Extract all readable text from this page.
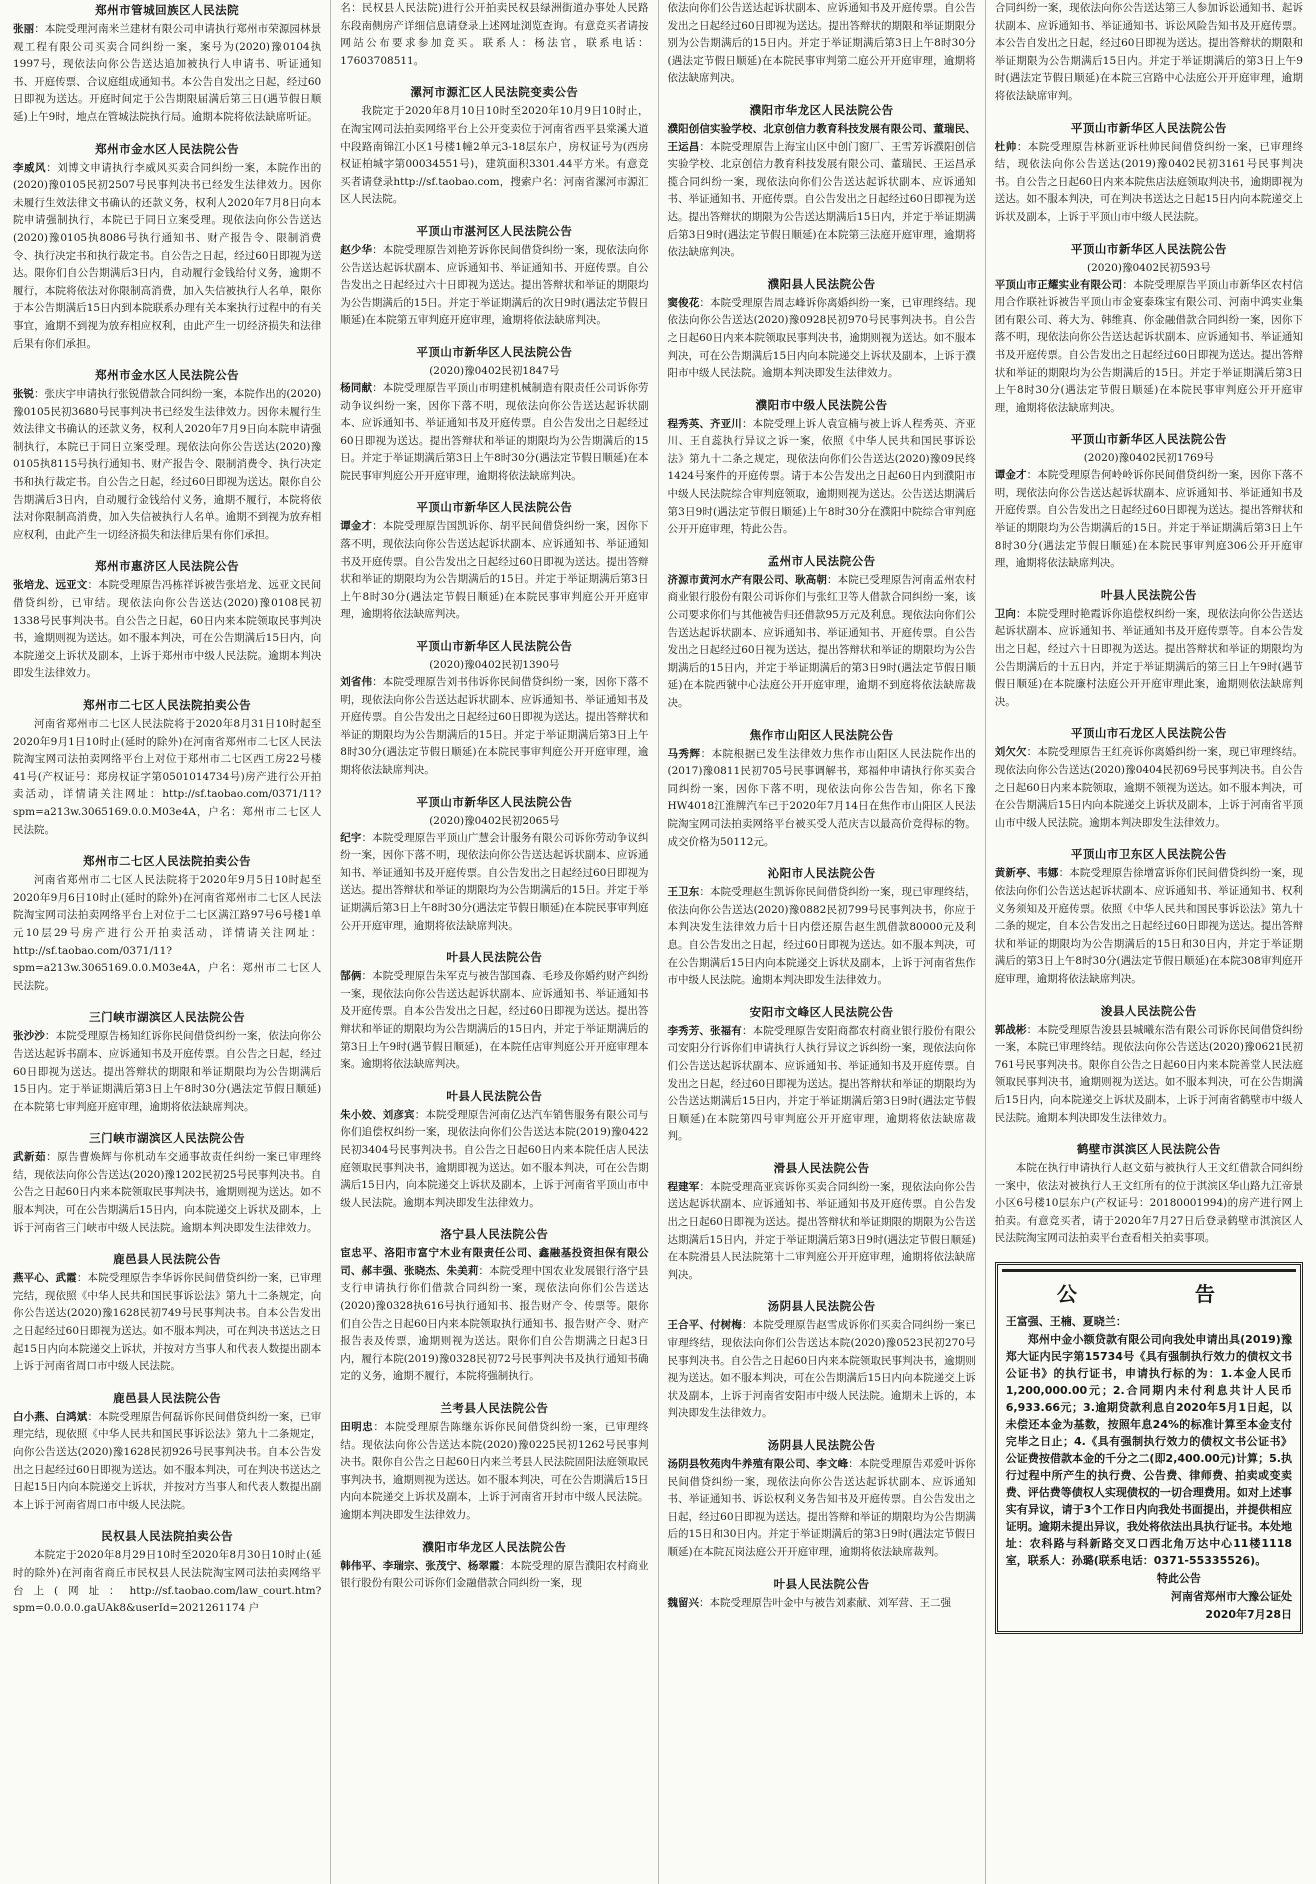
郑州市管城回族区人民法院

张丽：本院受理河南米兰建材有限公司申请执行郑州市荣源园林景观工程有限公司买卖合同纠纷一案，案号为(2020)豫0104执1997号，现依法向你公告送达追加被执行人申请书、听证通知书、开庭传票、合议庭组成通知书。本公告自发出之日起，经过60日即视为送达。开庭时间定于公告期限届满后第三日(遇节假日顺延)上午9时，地点在管城法院执行局。逾期本院将依法缺席听证。

郑州市金水区人民法院公告

李威风：刘博文申请执行李威风买卖合同纠纷一案，本院作出的(2020)豫0105民初2507号民事判决书已经发生法律效力。因你未履行生效法律文书确认的还款义务，权利人2020年7月8日向本院申请强制执行，本院已于同日立案受理。现依法向你公告送达(2020)豫0105执8086号执行通知书、财产报告令、限制消费令、执行决定书和执行裁定书。自公告之日起，经过60日即视为送达。限你们自公告期满后3日内，自动履行金钱给付义务，逾期不履行，本院将依法对你限制高消费，加入失信被执行人名单，限你于本公告期满后15日内到本院联系办理有关本案执行过程中的有关事宜，逾期不到视为放弃相应权利，由此产生一切经济损失和法律后果有你们承担。

郑州市金水区人民法院公告

张锐：张庆宇申请执行张锐借款合同纠纷一案，本院作出的(2020)豫0105民初3680号民事判决书已经发生法律效力。因你未履行生效法律文书确认的还款义务，权利人2020年7月9日向本院申请强制执行，本院已于同日立案受理。现依法向你公告送达(2020)豫0105执8115号执行通知书、财产报告令、限制消费令、执行决定书和执行裁定书。自公告之日起，经过60日即视为送达。限你自公告期满后3日内，自动履行金钱给付义务，逾期不履行，本院将依法对你限制高消费，加入失信被执行人名单。逾期不到视为放弃相应权利，由此产生一切经济损失和法律后果有你们承担。

郑州市惠济区人民法院公告

张培龙、远亚文：本院受理原告冯栋祥诉被告张培龙、远亚文民间借贷纠纷，已审结。现依法向你公告送达(2020)豫0108民初1338号民事判决书。自公告之日起，60日内来本院领取民事判决书，逾期则视为送达。如不服本判决，可在公告期满后15日内，向本院递交上诉状及副本，上诉于郑州市中级人民法院。逾期本判决即发生法律效力。

郑州市二七区人民法院拍卖公告

河南省郑州市二七区人民法院将于2020年8月31日10时起至2020年9月1日10时止(延时的除外)在河南省郑州市二七区人民法院淘宝网司法拍卖网络平台上对位于郑州市二七区西工房22号楼41号(产权证号：郑房权证字第0501014734号)房产进行公开拍卖活动，详情请关注网址：http://sf.taobao.com/0371/11?spm=a213w.3065169.0.0.M03e4A，户名：郑州市二七区人民法院。

郑州市二七区人民法院拍卖公告

河南省郑州市二七区人民法院将于2020年9月5日10时起至2020年9月6日10时止(延时的除外)在河南省郑州市二七区人民法院淘宝网司法拍卖网络平台上对位于二七区满江路97号6号楼1单元10层29号房产进行公开拍卖活动，详情请关注网址：http://sf.taobao.com/0371/11?spm=a213w.3065169.0.0.M03e4A，户名：郑州市二七区人民法院。

三门峡市湖滨区人民法院公告

张沙沙：本院受理原告杨知红诉你民间借贷纠纷一案，依法向你公告送达起诉书副本、应诉通知书及开庭传票。自公告之日起，经过60日即视为送达。提出答辩状的期限和举证期限均为公告期满后15日内。定于举证期满后第3日上午8时30分(遇法定节假日顺延)在本院第七审判庭开庭审理，逾期将依法缺席判决。

三门峡市湖滨区人民法院公告

武新茹：原告曹焕辉与你机动车交通事故责任纠纷一案已审理终结，现依法向你公告送达(2020)豫1202民初25号民事判决书。自公告之日起60日内来本院领取民事判决书，逾期则视为送达。如不服本判决，可在公告期满后15日内，向本院递交上诉状及副本，上诉于河南省三门峡市中级人民法院。逾期本判决即发生法律效力。

鹿邑县人民法院公告

燕平心、武霞：本院受理原告李华诉你民间借贷纠纷一案，已审理完结，现依照《中华人民共和国民事诉讼法》第九十二条规定，向你公告送达(2020)豫1628民初749号民事判决书。自本公告发出之日起经过60日即视为送达。如不服本判决，可在判决书送达之日起15日内向本院递交上诉状，并按对方当事人和代表人数提出副本上诉于河南省周口市中级人民法院。

鹿邑县人民法院公告

白小燕、白鸿斌：本院受理原告何磊诉你民间借贷纠纷一案，已审理完结，现依照《中华人民共和国民事诉讼法》第九十二条规定，向你公告送达(2020)豫1628民初926号民事判决书。自本公告发出之日起经过60日即视为送达。如不服本判决，可在判决书送达之日起15日内向本院递交上诉状，并按对方当事人和代表人数提出副本上诉于河南省周口市中级人民法院。

民权县人民法院拍卖公告

本院定于2020年8月29日10时至2020年8月30日10时止(延时的除外)在河南省商丘市民权县人民法院淘宝网司法拍卖网络平台上(网址：http://sf.taobao.com/law_court.htm?spm=0.0.0.0.gaUAk8&userId=2021261174 户

名：民权县人民法院)进行公开拍卖民权县绿洲街道办事处人民路东段南侧房产详细信息请登录上述网址浏览查询。有意竞买者请按网站公布要求参加竞买。联系人：杨法官，联系电话：17603708511。

漯河市源汇区人民法院变卖公告

我院定于2020年8月10日10时至2020年10月9日10时止，在淘宝网司法拍卖网络平台上公开变卖位于河南省西平县棠溪大道中段路南锦江小区1号楼1幢2单元3-18层东户，房权证号为(西房权证柏城字第00034551号)，建筑面积3301.44平方米。有意竞买者请登录http://sf.taobao.com，搜索户名：河南省漯河市源汇区人民法院。

平顶山市湛河区人民法院公告

赵少华：本院受理原告刘艳芳诉你民间借贷纠纷一案，现依法向你公告送达起诉状副本、应诉通知书、举证通知书、开庭传票。自公告发出之日起经过六十日即视为送达。提出答辩状和举证的期限均为公告期满后的15日。并定于举证期满后的次日9时(遇法定节假日顺延)在本院第五审判庭开庭审理，逾期将依法缺席判决。

平顶山市新华区人民法院公告
(2020)豫0402民初1847号

杨同献：本院受理原告平顶山市明建机械制造有限责任公司诉你劳动争议纠纷一案，因你下落不明，现依法向你公告送达起诉状副本、应诉通知书、举证通知书及开庭传票。自公告发出之日起经过60日即视为送达。提出答辩状和举证的期限均为公告期满后的15日。并定于举证期满后第3日上午8时30分(遇法定节假日顺延)在本院民事审判庭公开开庭审理，逾期将依法缺席判决。

平顶山市新华区人民法院公告

谭金才：本院受理原告国凯诉你、胡平民间借贷纠纷一案，因你下落不明，现依法向你公告送达起诉状副本、应诉通知书、举证通知书及开庭传票。自公告发出之日起经过60日即视为送达。提出答辩状和举证的期限均为公告期满后的15日。并定于举证期满后第3日上午8时30分(遇法定节假日顺延)在本院民事审判庭公开开庭审理，逾期将依法缺席判决。

平顶山市新华区人民法院公告
(2020)豫0402民初1390号

刘省伟：本院受理原告刘书伟诉你民间借贷纠纷一案，因你下落不明，现依法向你公告送达起诉状副本、应诉通知书、举证通知书及开庭传票。自公告发出之日起经过60日即视为送达。提出答辩状和举证的期限均为公告期满后的15日。并定于举证期满后第3日上午8时30分(遇法定节假日顺延)在本院民事审判庭公开开庭审理，逾期将依法缺席判决。

平顶山市新华区人民法院公告
(2020)豫0402民初2065号

纪宇：本院受理原告平顶山广慧会计服务有限公司诉你劳动争议纠纷一案，因你下落不明，现依法向你公告送达起诉状副本、应诉通知书、举证通知书及开庭传票。自公告发出之日起经过60日即视为送达。提出答辩状和举证的期限均为公告期满后的15日。并定于举证期满后第3日上午8时30分(遇法定节假日顺延)在本院民事审判庭公开开庭审理，逾期将依法缺席判决。

叶县人民法院公告

郜俩：本院受理原告朱军克与被告郜国森、毛珍及你婚约财产纠纷一案，现依法向你公告送达起诉状副本、应诉通知书、举证通知书及开庭传票。自本公告发出之日起，经过60日即视为送达。提出答辩状和举证的期限均为公告期满后的15日内，并定于举证期满后的第3日上午9时(遇节假日顺延)，在本院任店审判庭公开开庭审理本案。逾期将依法缺席判决。

叶县人民法院公告

朱小姣、刘彦宾：本院受理原告河南亿达汽车销售服务有限公司与你们追偿权纠纷一案，现依法向你们公告送达本院(2019)豫0422民初3404号民事判决书。自公告之日起60日内来本院任店人民法庭领取民事判决书，逾期即视为送达。如不服本判决，可在公告期满后15日内，向本院递交上诉状及副本，上诉于河南省平顶山市中级人民法院。逾期本判决即发生法律效力。

洛宁县人民法院公告

宦忠平、洛阳市富宁木业有限责任公司、鑫融基投资担保有限公司、郝丰强、张晓杰、朱美莉：本院受理中国农业发展银行洛宁县支行申请执行你们借款合同纠纷一案，现依法向你们公告送达(2020)豫0328执616号执行通知书、报告财产令、传票等。限你们自公告之日起60日内来本院领取执行通知书、报告财产令、财产报告表及传票，逾期则视为送达。限你们自公告期满之日起3日内，履行本院(2019)豫0328民初72号民事判决书及执行通知书确定的义务，逾期不履行，本院将强制执行。

兰考县人民法院公告

田明忠：本院受理原告陈继东诉你民间借贷纠纷一案，已审理终结。现依法向你公告送达本院(2020)豫0225民初1262号民事判决书。限你自公告之日起60日内来兰考县人民法院固阳法庭领取民事判决书，逾期则视为送达。如不服本判决，可在公告期满后15日内向本院递交上诉状及副本，上诉于河南省开封市中级人民法院。逾期本判决即发生法律效力。

濮阳市华龙区人民法院公告

韩伟平、李瑞宗、张茂宁、杨翠霞：本院受理的原告濮阳农村商业银行股份有限公司诉你们金融借款合同纠纷一案，现

依法向你们公告送达起诉状副本、应诉通知书及开庭传票。自公告发出之日起经过60日即视为送达。提出答辩状的期限和举证期限分别为公告期满后的15日内。并定于举证期满后第3日上午8时30分(遇法定节假日顺延)在本院民事审判第二庭公开开庭审理，逾期将依法缺席判决。

濮阳市华龙区人民法院公告

濮阳创信实验学校、北京创信力教育科技发展有限公司、董瑞民、王运昌：本院受理原告上海宝山区中创门窗厂、王雪芳诉濮阳创信实验学校、北京创信力教育科技发展有限公司、董瑞民、王运昌承揽合同纠纷一案，现依法向你们公告送达起诉状副本、应诉通知书、举证通知书、开庭传票。自公告发出之日起经过60日即视为送达。提出答辩状的期限为公告送达期满后15日内，并定于举证期满后第3日9时(遇法定节假日顺延)在本院第三法庭开庭审理，逾期将依法缺席判决。

濮阳县人民法院公告

窦俊花：本院受理原告周志峰诉你离婚纠纷一案，已审理终结。现依法向你公告送达(2020)豫0928民初970号民事判决书。自公告之日起60日内来本院领取民事判决书，逾期则视为送达。如不服本判决，可在公告期满后15日内向本院递交上诉状及副本，上诉于濮阳市中级人民法院。逾期本判决即发生法律效力。

濮阳市中级人民法院公告

程秀英、齐亚川：本院受理上诉人袁宣楠与被上诉人程秀英、齐亚川、王自蕊执行异议之诉一案，依照《中华人民共和国民事诉讼法》第九十二条之规定，现依法向你们公告送达(2020)豫09民终1424号案件的开庭传票。请于本公告发出之日起60日内到濮阳市中级人民法院综合审判庭领取，逾期则视为送达。公告送达期满后第3日9时(遇法定节假日顺延)上午8时30分在濮阳中院综合审判庭公开开庭审理，特此公告。

孟州市人民法院公告

济源市黄河水产有限公司、耿高朝：本院已受理原告河南孟州农村商业银行股份有限公司诉你们与张红卫等人借款合同纠纷一案，该公司要求你们与其他被告归还借款95万元及利息。现依法向你们公告送达起诉状副本、应诉通知书、举证通知书、开庭传票。自公告发出之日起经过60日视为送达，提出答辩状和举证的期限均为公告期满后的15日内，并定于举证期满后的第3日9时(遇法定节假日顺延)在本院西虢中心法庭公开开庭审理，逾期不到庭将依法缺席裁决。

焦作市山阳区人民法院公告

马秀辉：本院根据已发生法律效力焦作市山阳区人民法院作出的(2017)豫0811民初705号民事调解书，郑福仲申请执行你买卖合同纠纷一案，因你下落不明，现依法向你公告告知，你名下豫HW4018江淮牌汽车已于2020年7月14日在焦作市山阳区人民法院淘宝网司法拍卖网络平台被买受人范庆吉以最高价竞得标的物。成交价格为50112元。

沁阳市人民法院公告

王卫东：本院受理赵生凯诉你民间借贷纠纷一案，现已审理终结，依法向你公告送达(2020)豫0882民初799号民事判决书，你应于本判决发生法律效力后十日内偿还原告赵生凯借款80000元及利息。自公告发出之日起，经过60日即视为送达。如不服本判决，可在公告期满后15日内向本院递交上诉状及副本，上诉于河南省焦作市中级人民法院。逾期本判决即发生法律效力。

安阳市文峰区人民法院公告

李秀芳、张福有：本院受理原告安阳商都农村商业银行股份有限公司安阳分行诉你们申请执行人执行异议之诉纠纷一案，现依法向你们公告送达起诉状副本、应诉通知书、举证通知书及开庭传票。自发出之日起，经过60日即视为送达。提出答辩状和举证的期限均为公告送达期满后15日内，并定于举证期满后第3日9时(遇法定节假日顺延)在本院第四号审判庭公开开庭审理，逾期将依法缺席裁判。

滑县人民法院公告

程建军：本院受理高亚宾诉你买卖合同纠纷一案，现依法向你公告送达起诉状副本、应诉通知书、举证通知书及开庭传票。自公告发出之日起60日即视为送达。提出答辩状和举证期限的期限为公告送达期满后15日内，并定于举证期满后第3日9时(遇法定节假日顺延)在本院滑县人民法院第十二审判庭公开开庭审理，逾期将依法缺席判决。

汤阴县人民法院公告

王合平、付树梅：本院受理原告赵雪成诉你们买卖合同纠纷一案已审理终结，现依法向你们公告送达本院(2020)豫0523民初270号民事判决书。自公告之日起60日内来本院领取民事判决书，逾期则视为送达。如不服本判决，可在公告期满后15日内向本院递交上诉状及副本，上诉于河南省安阳市中级人民法院。逾期未上诉的，本判决即发生法律效力。

汤阴县人民法院公告

汤阴县牧苑肉牛养殖有限公司、李文峰：本院受理原告邓爱叶诉你民间借贷纠纷一案，现依法向你公告送达起诉状副本、应诉通知书、举证通知书、诉讼权利义务告知书及开庭传票。自公告发出之日起，经过60日即视为送达。提出答辩和举证的期限均为公告期满后的15日和30日内。并定于举证期满后的第3日9时(遇法定节假日顺延)在本院瓦岗法庭公开开庭审理，逾期将依法缺席裁判。

叶县人民法院公告

魏留兴：本院受理原告叶金中与被告刘素献、刘军营、王二强

合同纠纷一案，现依法向你公告送达第三人参加诉讼通知书、起诉状副本、应诉通知书、举证通知书、诉讼风险告知书及开庭传票。本公告自发出之日起，经过60日即视为送达。提出答辩状的期限和举证期限为公告期满后15日内。并定于举证期满后的第3日上午9时(遇法定节假日顺延)在本院三宫路中心法庭公开开庭审理，逾期将依法缺席审判。

平顶山市新华区人民法院公告

杜帅：本院受理原告林新亚诉杜帅民间借贷纠纷一案，已审理终结，现依法向你公告送达(2019)豫0402民初3161号民事判决书。自公告之日起60日内来本院焦店法庭领取判决书，逾期即视为送达。如不服本判决，可在判决书送达之日起15日内向本院递交上诉状及副本，上诉于平顶山市中级人民法院。

平顶山市新华区人民法院公告
(2020)豫0402民初593号

平顶山市正耀实业有限公司：本院受理原告平顶山市新华区农村信用合作联社诉被告平顶山市金宴泰珠宝有限公司、河南中鸿实业集团有限公司、蒋大为、韩维真、你金融借款合同纠纷一案，因你下落不明，现依法向你公告送达起诉状副本、应诉通知书、举证通知书及开庭传票。自公告发出之日起经过60日即视为送达。提出答辩状和举证的期限均为公告期满后的15日。并定于举证期满后第3日上午8时30分(遇法定节假日顺延)在本院民事审判庭公开开庭审理，逾期将依法缺席判决。

平顶山市新华区人民法院公告
(2020)豫0402民初1769号

谭金才：本院受理原告何岭岭诉你民间借贷纠纷一案，因你下落不明，现依法向你公告送达起诉状副本、应诉通知书、举证通知书及开庭传票。自公告发出之日起经过60日即视为送达。提出答辩状和举证的期限均为公告期满后的15日。并定于举证期满后第3日上午8时30分(遇法定节假日顺延)在本院民事审判庭306公开开庭审理，逾期将依法缺席判决。

叶县人民法院公告

卫向：本院受理时艳霞诉你追偿权纠纷一案，现依法向你公告送达起诉状副本、应诉通知书、举证通知书及开庭传票等。自本公告发出之日起，经过六十日即视为送达。提出答辩状和举证的期限均为公告期满后的十五日内，并定于举证期满后的第三日上午9时(遇节假日顺延)在本院廉村法庭公开开庭审理此案，逾期则依法缺席判决。

平顶山市石龙区人民法院公告

刘欠欠：本院受理原告王红亮诉你离婚纠纷一案，现已审理终结。现依法向你公告送达(2020)豫0404民初69号民事判决书。自公告之日起60日内来本院领取，逾期不领视为送达。如不服本判决，可在公告期满后15日内向本院递交上诉状及副本，上诉于河南省平顶山市中级人民法院。逾期本判决即发生法律效力。

平顶山市卫东区人民法院公告

黄新亭、韦娜：本院受理原告徐增富诉你们民间借贷纠纷一案，现依法向你们公告送达起诉状副本、应诉通知书、举证通知书、权利义务须知及开庭传票。依照《中华人民共和国民事诉讼法》第九十二条的规定，自本公告发出之日起经过60日即视为送达。提出答辩状和举证的期限均为公告期满后的15日和30日内，并定于举证期满后的第3日上午8时30分(遇法定节假日顺延)在本院308审判庭开庭审理，逾期将依法缺席判决。

浚县人民法院公告

郭战彬：本院受理原告浚县县城曦东浩有限公司诉你民间借贷纠纷一案，本院已审理终结。现依法向你公告送达(2020)豫0621民初761号民事判决书。限你自公告之日起60日内来本院善堂人民法庭领取民事判决书，逾期则视为送达。如不服本判决，可在公告期满后15日内，向本院递交上诉状及副本，上诉于河南省鹤壁市中级人民法院。逾期本判决即发生法律效力。

鹤壁市淇滨区人民法院公告

本院在执行申请执行人赵文茹与被执行人王文红借款合同纠纷一案中，依法对被执行人王文红所有的位于淇滨区华山路九江帝景小区6号楼10层东户(产权证号：20180001994)的房产进行网上拍卖。有意竞买者，请于2020年7月27日后登录鹤壁市淇滨区人民法院淘宝网司法拍卖平台查看相关拍卖事项。

公　　告

王富强、王楠、夏晓兰：

郑州中金小额贷款有限公司向我处申请出具(2019)豫郑大证内民字第15734号《具有强制执行效力的债权文书公证书》的执行证书，申请执行标的为：1.本金人民币1,200,000.00元；2.合同期内未付利息共计人民币6,933.66元；3.逾期贷款利息自2020年5月1日起，以未偿还本金为基数，按照年息24%的标准计算至本金支付完毕之日止；4.《具有强制执行效力的债权文书公证书》公证费按借款本金的千分之二(即2,400.00元)计算；5.执行过程中所产生的执行费、公告费、律师费、拍卖或变卖费、评估费等债权人实现债权的一切合理费用。如对上述事实有异议，请于3个工作日内向我处书面提出，并提供相应证明。逾期未提出异议，我处将依法出具执行证书。本处地址：农科路与科新路交叉口西北角万达中心11楼1118室，联系人：孙璐(联系电话：0371-55335526)。

特此公告

河南省郑州市大豫公证处

2020年7月28日
